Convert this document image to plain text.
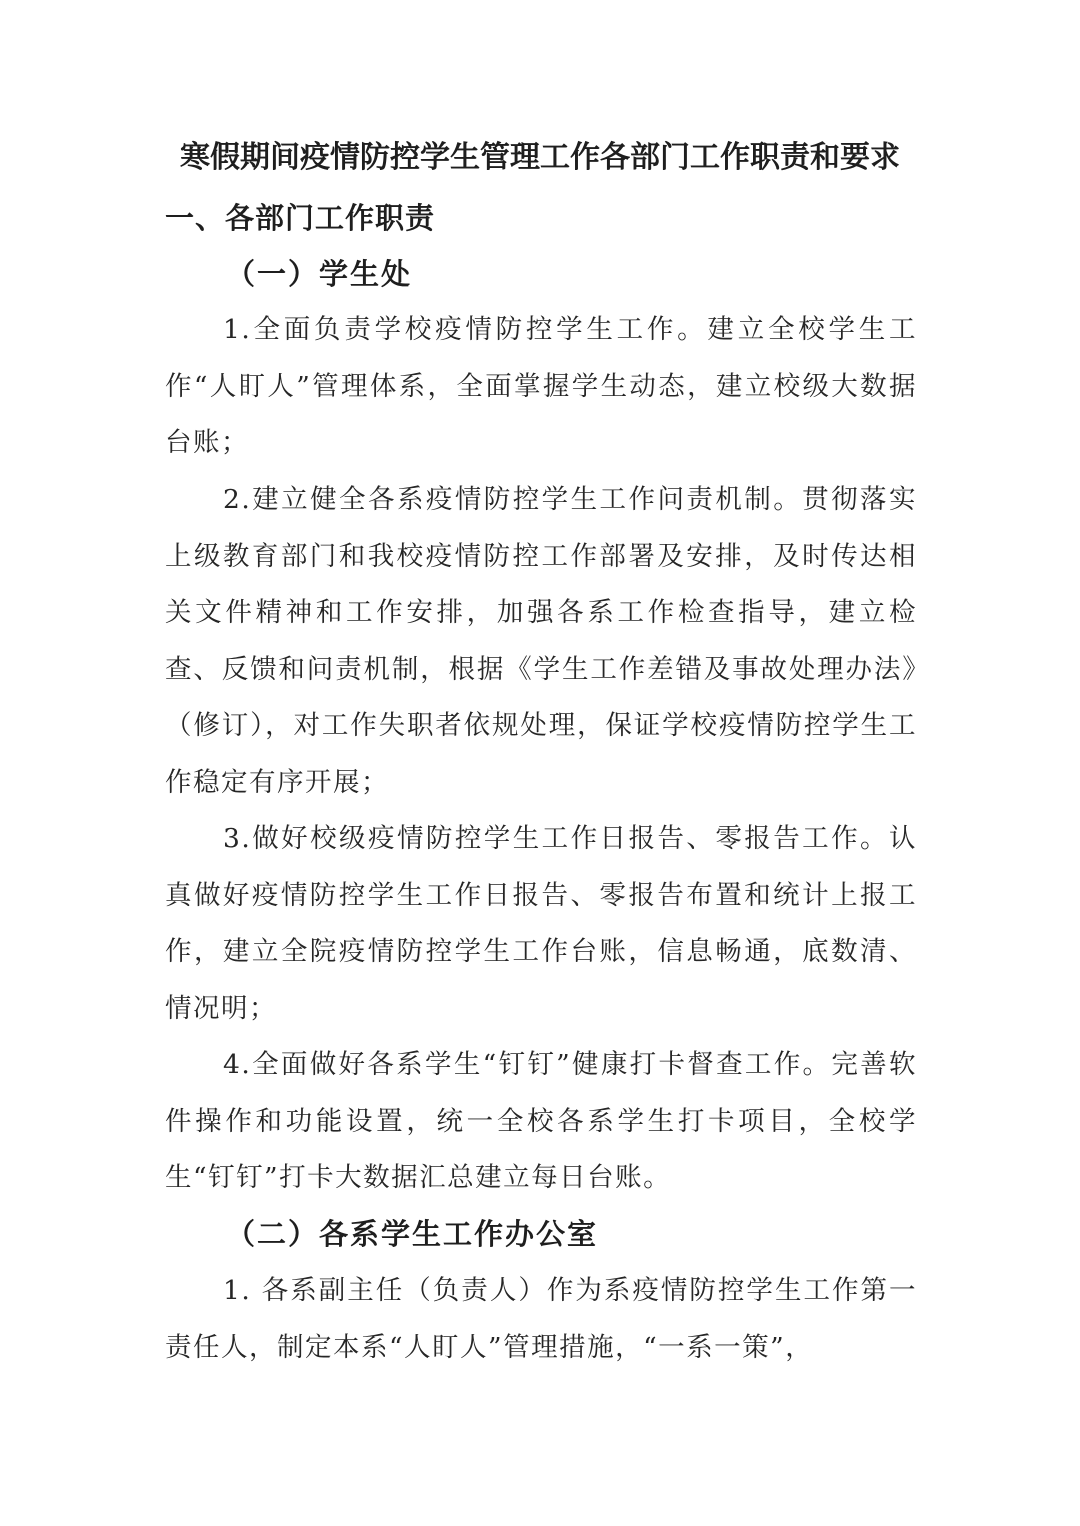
寒假期间疫情防控学生管理工作各部门工作职责和要求
一、各部门工作职责
（一）学生处

1.全面负责学校疫情防控学生工作。建立全校学生工作“人盯人”管理体系，全面掌握学生动态，建立校级大数据台账；

2.建立健全各系疫情防控学生工作问责机制。贯彻落实上级教育部门和我校疫情防控工作部署及安排，及时传达相关文件精神和工作安排，加强各系工作检查指导，建立检查、反馈和问责机制，根据《学生工作差错及事故处理办法》（修订），对工作失职者依规处理，保证学校疫情防控学生工作稳定有序开展；

3.做好校级疫情防控学生工作日报告、零报告工作。认真做好疫情防控学生工作日报告、零报告布置和统计上报工作，建立全院疫情防控学生工作台账，信息畅通，底数清、情况明；

4.全面做好各系学生“钉钉”健康打卡督查工作。完善软件操作和功能设置，统一全校各系学生打卡项目，全校学生“钉钉”打卡大数据汇总建立每日台账。

（二）各系学生工作办公室

1. 各系副主任（负责人）作为系疫情防控学生工作第一责任人，制定本系“人盯人”管理措施，“一系一策”，
